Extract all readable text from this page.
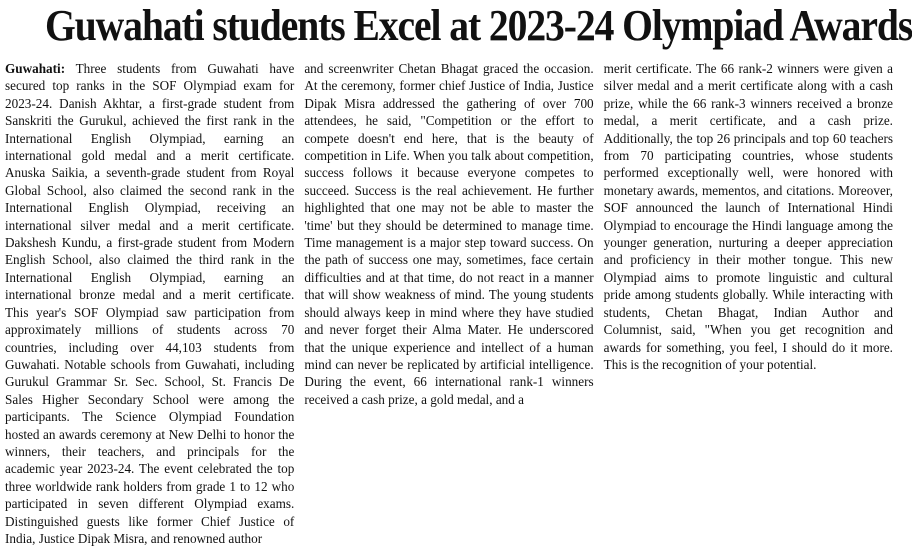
Guwahati students Excel at 2023-24 Olympiad Awards

Guwahati: Three students from Guwahati have secured top ranks in the SOF Olympiad exam for 2023-24. Danish Akhtar, a first-grade student from Sanskriti the Gurukul, achieved the first rank in the International English Olympiad, earning an international gold medal and a merit certificate. Anuska Saikia, a seventh-grade student from Royal Global School, also claimed the second rank in the International English Olympiad, receiving an international silver medal and a merit certificate. Dakshesh Kundu, a first-grade student from Modern English School, also claimed the third rank in the International English Olympiad, earning an international bronze medal and a merit certificate. This year's SOF Olympiad saw participation from approximately millions of students across 70 countries, including over 44,103 students from Guwahati. Notable schools from Guwahati, including Gurukul Grammar Sr. Sec. School, St. Francis De Sales Higher Secondary School were among the participants. The Science Olympiad Foundation hosted an awards ceremony at New Delhi to honor the winners, their teachers, and principals for the academic year 2023-24. The event celebrated the top three worldwide rank holders from grade 1 to 12 who participated in seven different Olympiad exams. Distinguished guests like former Chief Justice of India, Justice Dipak Misra, and renowned author

and screenwriter Chetan Bhagat graced the occasion. At the ceremony, former chief Justice of India, Justice Dipak Misra addressed the gathering of over 700 attendees, he said, "Competition or the effort to compete doesn't end here, that is the beauty of competition in Life. When you talk about competition, success follows it because everyone competes to succeed. Success is the real achievement. He further highlighted that one may not be able to master the 'time' but they should be determined to manage time. Time management is a major step toward success. On the path of success one may, sometimes, face certain difficulties and at that time, do not react in a manner that will show weakness of mind. The young students should always keep in mind where they have studied and never forget their Alma Mater. He underscored that the unique experience and intellect of a human mind can never be replicated by artificial intelligence. During the event, 66 international rank-1 winners received a cash prize, a gold medal, and a

merit certificate. The 66 rank-2 winners were given a silver medal and a merit certificate along with a cash prize, while the 66 rank-3 winners received a bronze medal, a merit certificate, and a cash prize. Additionally, the top 26 principals and top 60 teachers from 70 participating countries, whose students performed exceptionally well, were honored with monetary awards, mementos, and citations. Moreover, SOF announced the launch of International Hindi Olympiad to encourage the Hindi language among the younger generation, nurturing a deeper appreciation and proficiency in their mother tongue. This new Olympiad aims to promote linguistic and cultural pride among students globally. While interacting with students, Chetan Bhagat, Indian Author and Columnist, said, "When you get recognition and awards for something, you feel, I should do it more. This is the recognition of your potential.
